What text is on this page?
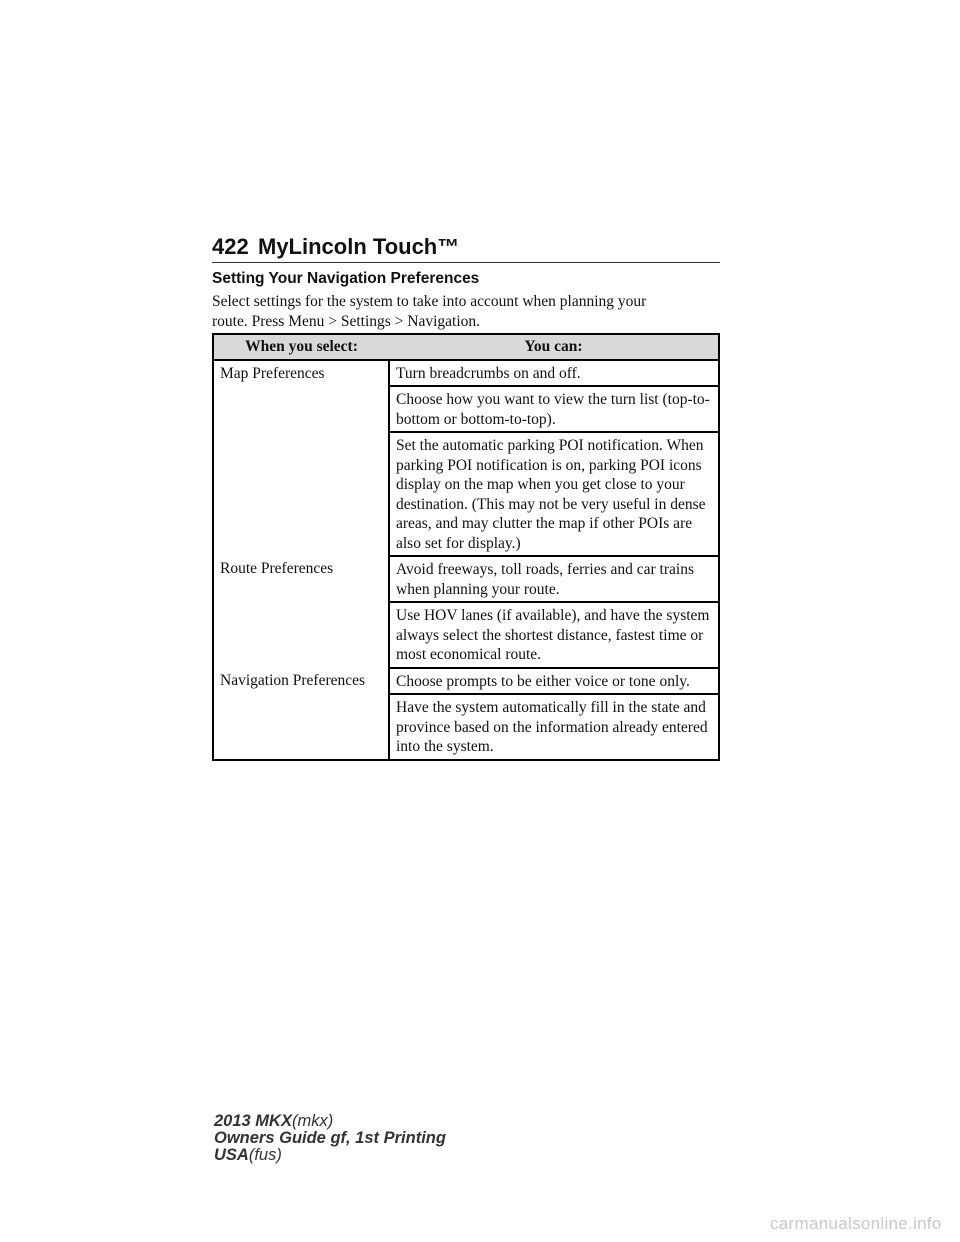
422 MyLincoln Touch™
Setting Your Navigation Preferences
Select settings for the system to take into account when planning your
route. Press Menu > Settings > Navigation.
When you select:	You can:
Map Preferences	Turn breadcrumbs on and off.
	Choose how you want to view the turn list (top-to-bottom or bottom-to-top).
	Set the automatic parking POI notification. When parking POI notification is on, parking POI icons display on the map when you get close to your destination. (This may not be very useful in dense areas, and may clutter the map if other POIs are also set for display.)
Route Preferences	Avoid freeways, toll roads, ferries and car trains when planning your route.
	Use HOV lanes (if available), and have the system always select the shortest distance, fastest time or most economical route.
Navigation Preferences	Choose prompts to be either voice or tone only.
	Have the system automatically fill in the state and province based on the information already entered into the system.
2013 MKX(mkx)
Owners Guide gf, 1st Printing
USA(fus)
carmanualsonline.info
